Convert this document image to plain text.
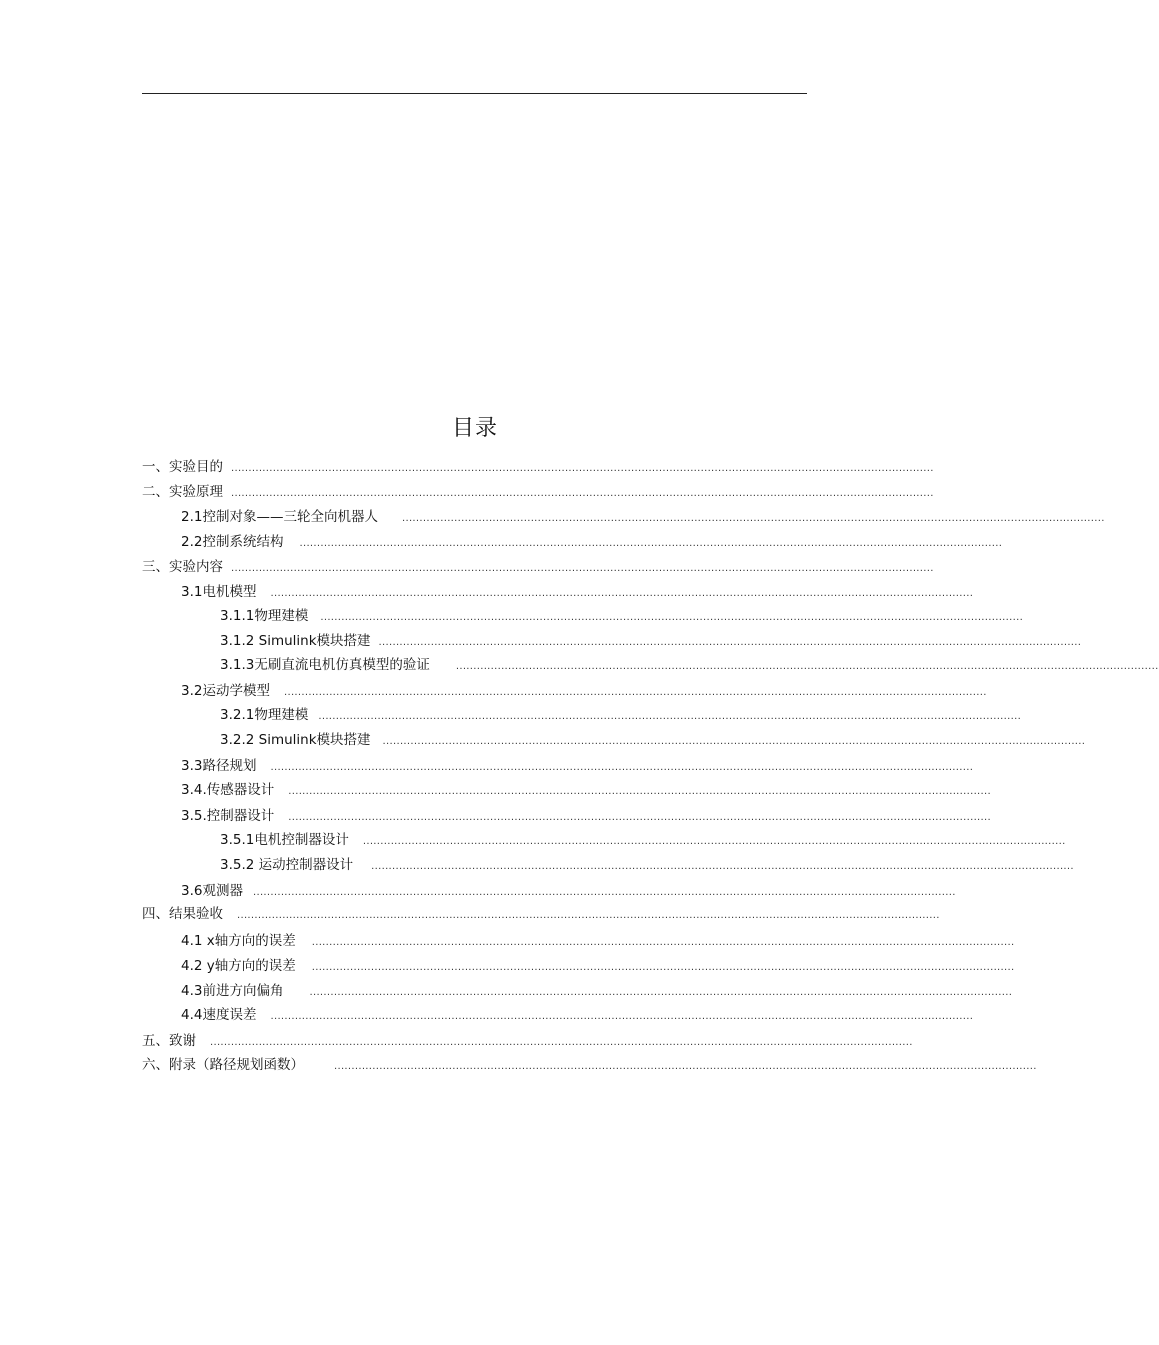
目录
一、 实验目的 ..........................................................................................................................................................................................................
二、 实验原理 ..........................................................................................................................................................................................................
2.1 控制对象——三轮全向机器人 ..........................................................................................................................................................................................................
2.2 控制系统结构 ..........................................................................................................................................................................................................
三、 实验内容 ..........................................................................................................................................................................................................
3.1 电机模型 ..........................................................................................................................................................................................................
3.1.1物理建模 ..........................................................................................................................................................................................................
3.1.2 Simulink模块搭建 ..........................................................................................................................................................................................................
3.1.3无刷直流电机仿真模型的验证	..........................................................................................................................................................................................................
3.2 运动学模型 ..........................................................................................................................................................................................................
3.2.1物理建模 ..........................................................................................................................................................................................................
3.2.2 Simulink模块搭建 ..........................................................................................................................................................................................................
3.3 路径规划 ..........................................................................................................................................................................................................
3.4. 传感器设计 ..........................................................................................................................................................................................................
3.5. 控制器设计 ..........................................................................................................................................................................................................
3.5.1电机控制器设计 ..........................................................................................................................................................................................................
3.5.2 运动控制器设计 ..........................................................................................................................................................................................................
3.6 观测器 ..........................................................................................................................................................................................................
四、结果验收 ..........................................................................................................................................................................................................
4.1 x 轴方向的误差 ..........................................................................................................................................................................................................
4.2 y 轴方向的误差 ..........................................................................................................................................................................................................
4.3 前进方向偏角	..........................................................................................................................................................................................................
4.4 速度误差 ..........................................................................................................................................................................................................
五、致谢 ..........................................................................................................................................................................................................
六、附录（路径规划函数）	..........................................................................................................................................................................................................
